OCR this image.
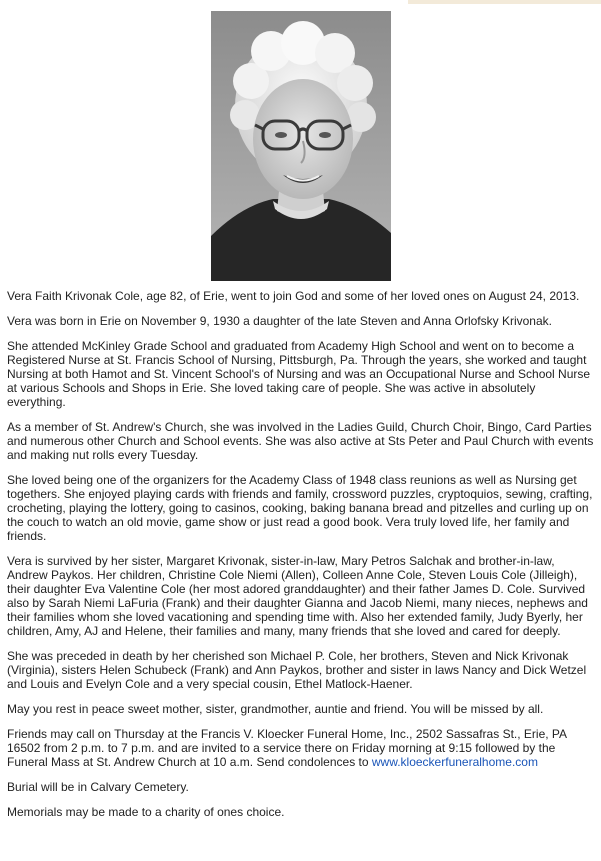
Vera Faith Krivonak Cole, age 82, of Erie, went to join God and some of her loved ones on August 24, 2013.

Vera was born in Erie on November 9, 1930 a daughter of the late Steven and Anna Orlofsky Krivonak.

She attended McKinley Grade School and graduated from Academy High School and went on to become a Registered Nurse at St. Francis School of Nursing, Pittsburgh, Pa. Through the years, she worked and taught Nursing at both Hamot and St. Vincent School's of Nursing and was an Occupational Nurse and School Nurse at various Schools and Shops in Erie. She loved taking care of people. She was active in absolutely everything.

As a member of St. Andrew's Church, she was involved in the Ladies Guild, Church Choir, Bingo, Card Parties and numerous other Church and School events. She was also active at Sts Peter and Paul Church with events and making nut rolls every Tuesday.

She loved being one of the organizers for the Academy Class of 1948 class reunions as well as Nursing get togethers. She enjoyed playing cards with friends and family, crossword puzzles, cryptoquios, sewing, crafting, crocheting, playing the lottery, going to casinos, cooking, baking banana bread and pitzelles and curling up on the couch to watch an old movie, game show or just read a good book. Vera truly loved life, her family and friends.

Vera is survived by her sister, Margaret Krivonak, sister-in-law, Mary Petros Salchak and brother-in-law, Andrew Paykos. Her children, Christine Cole Niemi (Allen), Colleen Anne Cole, Steven Louis Cole (Jilleigh), their daughter Eva Valentine Cole (her most adored granddaughter) and their father James D. Cole. Survived also by Sarah Niemi LaFuria (Frank) and their daughter Gianna and Jacob Niemi, many nieces, nephews and their families whom she loved vacationing and spending time with. Also her extended family, Judy Byerly, her children, Amy, AJ and Helene, their families and many, many friends that she loved and cared for deeply.

She was preceded in death by her cherished son Michael P. Cole, her brothers, Steven and Nick Krivonak (Virginia), sisters Helen Schubeck (Frank) and Ann Paykos, brother and sister in laws Nancy and Dick Wetzel and Louis and Evelyn Cole and a very special cousin, Ethel Matlock-Haener.

May you rest in peace sweet mother, sister, grandmother, auntie and friend. You will be missed by all.

Friends may call on Thursday at the Francis V. Kloecker Funeral Home, Inc., 2502 Sassafras St., Erie, PA 16502 from 2 p.m. to 7 p.m. and are invited to a service there on Friday morning at 9:15 followed by the Funeral Mass at St. Andrew Church at 10 a.m. Send condolences to www.kloeckerfuneralhome.com

Burial will be in Calvary Cemetery.

Memorials may be made to a charity of ones choice.
